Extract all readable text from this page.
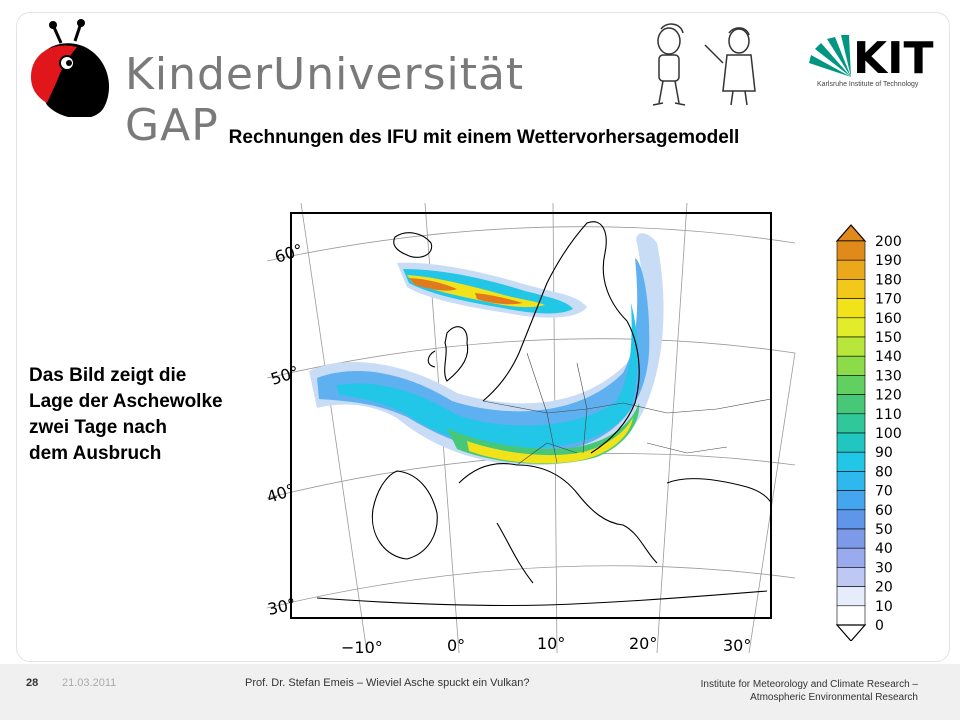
KinderUniversität GAP
KIT
Karlsruhe Institute of Technology
Rechnungen des IFU mit einem Wettervorhersagemodell
Das Bild zeigt die
Lage der Aschewolke
zwei Tage nach
dem Ausbruch
60°
50°
40°
30°
−10°	0°	10°	20°	30°
200
190
180
170
160
150
140
130
120
110
100
90
80
70
60
50
40
30
20
10
0
28 21.03.2011	Prof. Dr. Stefan Emeis – Wieviel Asche spuckt ein Vulkan?	Institute for Meteorology and Climate Research –
Atmospheric Environmental Research
